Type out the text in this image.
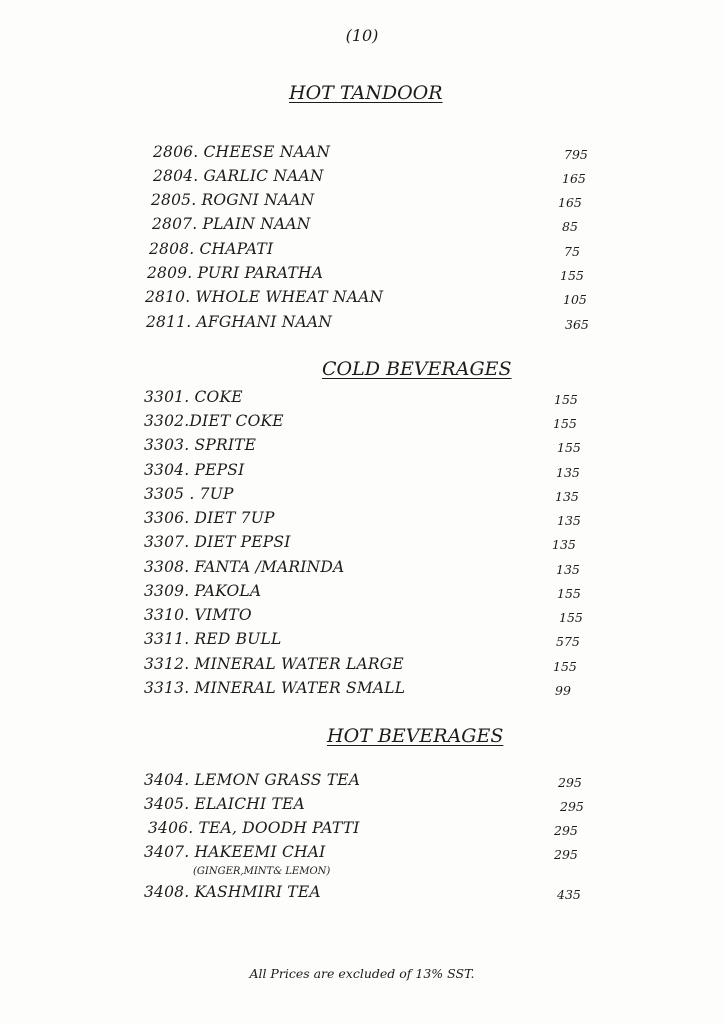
(10)
HOT TANDOOR
2806. CHEESE NAAN	795
2804. GARLIC NAAN	165
2805. ROGNI NAAN	165
2807. PLAIN NAAN	85
2808. CHAPATI	75
2809. PURI PARATHA	155
2810. WHOLE WHEAT NAAN	105
2811. AFGHANI NAAN	365
COLD BEVERAGES
3301. COKE	155
3302.DIET COKE	155
3303. SPRITE	155
3304. PEPSI	135
3305 . 7UP	135
3306. DIET 7UP	135
3307. DIET PEPSI	135
3308. FANTA /MARINDA	135
3309. PAKOLA	155
3310. VIMTO	155
3311. RED BULL	575
3312. MINERAL WATER LARGE	155
3313. MINERAL WATER SMALL	99
HOT BEVERAGES
3404. LEMON GRASS TEA	295
3405. ELAICHI TEA	295
3406. TEA, DOODH PATTI	295
3407. HAKEEMI CHAI	295
(GINGER,MINT& LEMON)
3408. KASHMIRI TEA	435
All Prices are excluded of 13% SST.
